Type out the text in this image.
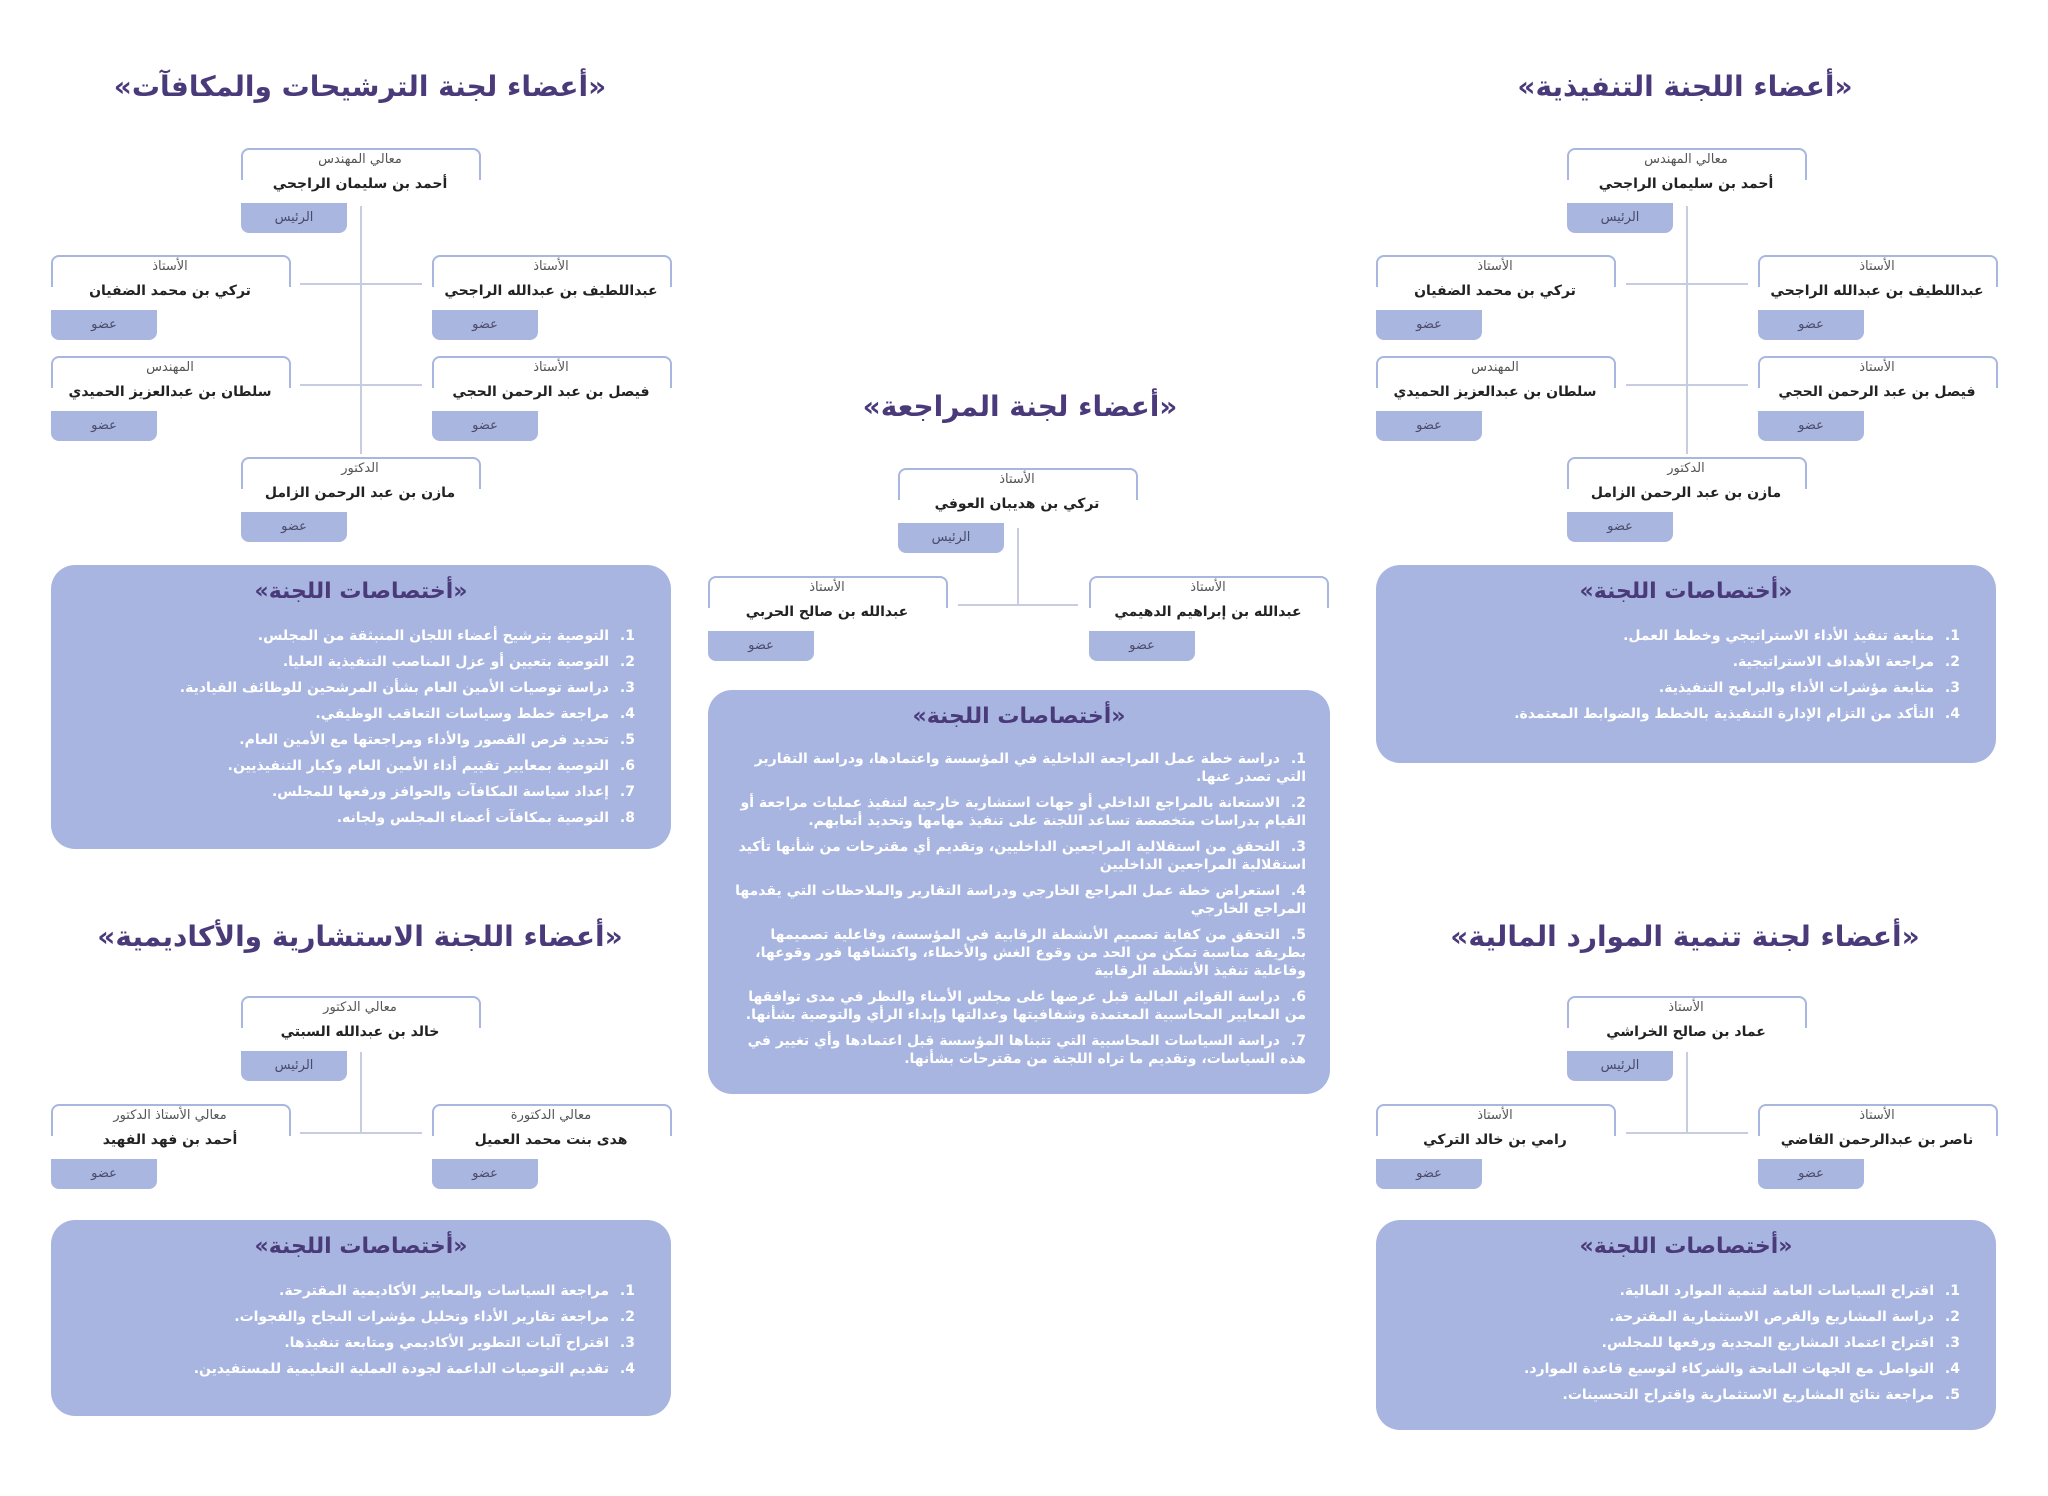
«أعضاء اللجنة التنفيذية»
معالي المهندس
أحمد بن سليمان الراجحي
الرئيس
الأستاذ
عبداللطيف بن عبدالله الراجحي
عضو
الأستاذ
تركي بن محمد الضفيان
عضو
الأستاذ
فيصل بن عبد الرحمن الحجي
عضو
المهندس
سلطان بن عبدالعزيز الحميدي
عضو
الدكتور
مازن بن عبد الرحمن الزامل
عضو
«أختصاصات اللجنة»
1.متابعة تنفيذ الأداء الاستراتيجي وخطط العمل.
2.مراجعة الأهداف الاستراتيجية.
3.متابعة مؤشرات الأداء والبرامج التنفيذية.
4.التأكد من التزام الإدارة التنفيذية بالخطط والضوابط المعتمدة.
«أعضاء لجنة الترشيحات والمكافآت»
معالي المهندس
أحمد بن سليمان الراجحي
الرئيس
الأستاذ
عبداللطيف بن عبدالله الراجحي
عضو
الأستاذ
تركي بن محمد الضفيان
عضو
الأستاذ
فيصل بن عبد الرحمن الحجي
عضو
المهندس
سلطان بن عبدالعزيز الحميدي
عضو
الدكتور
مازن بن عبد الرحمن الزامل
عضو
«أختصاصات اللجنة»
1.التوصية بترشيح أعضاء اللجان المنبثقة من المجلس.
2.التوصية بتعيين أو عزل المناصب التنفيذية العليا.
3.دراسة توصيات الأمين العام بشأن المرشحين للوظائف القيادية.
4.مراجعة خطط وسياسات التعاقب الوظيفي.
5.تحديد فرص القصور والأداء ومراجعتها مع الأمين العام.
6.التوصية بمعايير تقييم أداء الأمين العام وكبار التنفيذيين.
7.إعداد سياسة المكافآت والحوافز ورفعها للمجلس.
8.التوصية بمكافآت أعضاء المجلس ولجانه.
«أعضاء لجنة المراجعة»
الأستاذ
تركي بن هديبان العوفي
الرئيس
الأستاذ
عبدالله بن إبراهيم الدهيمي
عضو
الأستاذ
عبدالله بن صالح الحربي
عضو
«أختصاصات اللجنة»
1.دراسة خطة عمل المراجعة الداخلية في المؤسسة واعتمادها، ودراسة التقارير التي تصدر عنها.
2.الاستعانة بالمراجع الداخلي أو جهات استشارية خارجية لتنفيذ عمليات مراجعة أو القيام بدراسات متخصصة تساعد اللجنة على تنفيذ مهامها وتحديد أتعابهم.
3.التحقق من استقلالية المراجعين الداخليين، وتقديم أي مقترحات من شأنها تأكيد استقلالية المراجعين الداخليين
4.استعراض خطة عمل المراجع الخارجي ودراسة التقارير والملاحظات التي يقدمها المراجع الخارجي
5.التحقق من كفاية تصميم الأنشطة الرقابية في المؤسسة، وفاعلية تصميمها بطريقة مناسبة تمكن من الحد من وقوع الغش والأخطاء، واكتشافها فور وقوعها، وفاعلية تنفيذ الأنشطة الرقابية
6.دراسة القوائم المالية قبل عرضها على مجلس الأمناء والنظر في مدى توافقها من المعايير المحاسبية المعتمدة وشفافيتها وعدالتها وإبداء الرأي والتوصية بشأنها.
7.دراسة السياسات المحاسبية التي تتبناها المؤسسة قبل اعتمادها وأي تغيير في هذه السياسات، وتقديم ما تراه اللجنة من مقترحات بشأنها.
«أعضاء اللجنة الاستشارية والأكاديمية»
معالي الدكتور
خالد بن عبدالله السبتي
الرئيس
معالي الدكتورة
هدى بنت محمد العميل
عضو
معالي الأستاذ الدكتور
أحمد بن فهد الفهيد
عضو
«أختصاصات اللجنة»
1.مراجعة السياسات والمعايير الأكاديمية المقترحة.
2.مراجعة تقارير الأداء وتحليل مؤشرات النجاح والفجوات.
3.اقتراح آليات التطوير الأكاديمي ومتابعة تنفيذها.
4.تقديم التوصيات الداعمة لجودة العملية التعليمية للمستفيدين.
«أعضاء لجنة تنمية الموارد المالية»
الأستاذ
عماد بن صالح الخراشي
الرئيس
الأستاذ
ناصر بن عبدالرحمن القاضي
عضو
الأستاذ
رامي بن خالد التركي
عضو
«أختصاصات اللجنة»
1.اقتراح السياسات العامة لتنمية الموارد المالية.
2.دراسة المشاريع والفرص الاستثمارية المقترحة.
3.اقتراح اعتماد المشاريع المجدية ورفعها للمجلس.
4.التواصل مع الجهات المانحة والشركاء لتوسيع قاعدة الموارد.
5.مراجعة نتائج المشاريع الاستثمارية واقتراح التحسينات.
